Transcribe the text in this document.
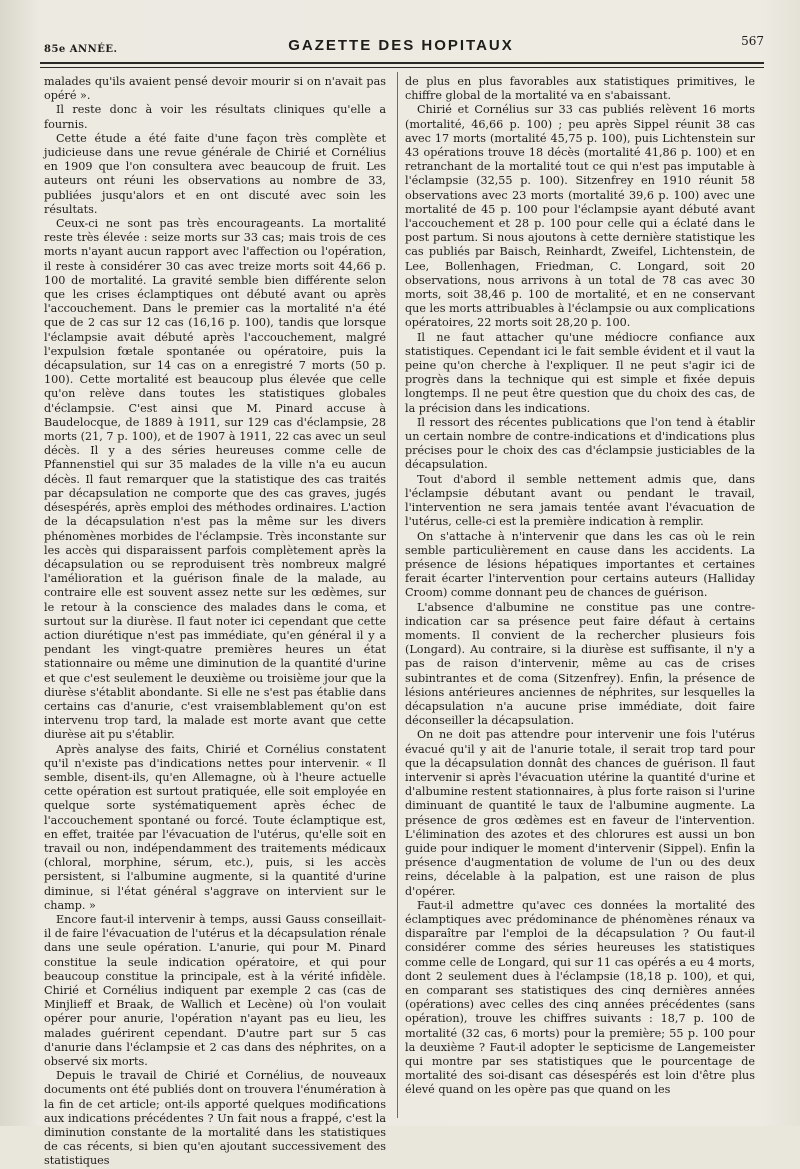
85e ANNÉE.	GAZETTE DES HOPITAUX	567

malades qu'ils avaient pensé devoir mourir si on n'avait pas opéré ».

Il reste donc à voir les résultats cliniques qu'elle a fournis.

Cette étude a été faite d'une façon très complète et judicieuse dans une revue générale de Chirié et Cornélius en 1909 que l'on consultera avec beaucoup de fruit. Les auteurs ont réuni les observations au nombre de 33, publiées jusqu'alors et en ont discuté avec soin les résultats.

Ceux-ci ne sont pas très encourageants. La mortalité reste très élevée : seize morts sur 33 cas; mais trois de ces morts n'ayant aucun rapport avec l'affection ou l'opération, il reste à considérer 30 cas avec treize morts soit 44,66 p. 100 de mortalité. La gravité semble bien différente selon que les crises éclamptiques ont débuté avant ou après l'accouchement. Dans le premier cas la mortalité n'a été que de 2 cas sur 12 cas (16,16 p. 100), tandis que lorsque l'éclampsie avait débuté après l'accouchement, malgré l'expulsion fœtale spontanée ou opératoire, puis la décapsulation, sur 14 cas on a enregistré 7 morts (50 p. 100). Cette mortalité est beaucoup plus élevée que celle qu'on relève dans toutes les statistiques globales d'éclampsie. C'est ainsi que M. Pinard accuse à Baudelocque, de 1889 à 1911, sur 129 cas d'éclampsie, 28 morts (21, 7 p. 100), et de 1907 à 1911, 22 cas avec un seul décès. Il y a des séries heureuses comme celle de Pfannenstiel qui sur 35 malades de la ville n'a eu aucun décès. Il faut remarquer que la statistique des cas traités par décapsulation ne comporte que des cas graves, jugés désespérés, après emploi des méthodes ordinaires. L'action de la décapsulation n'est pas la même sur les divers phénomènes morbides de l'éclampsie. Très inconstante sur les accès qui disparaissent parfois complètement après la décapsulation ou se reproduisent très nombreux malgré l'amélioration et la guérison finale de la malade, au contraire elle est souvent assez nette sur les œdèmes, sur le retour à la conscience des malades dans le coma, et surtout sur la diurèse. Il faut noter ici cependant que cette action diurétique n'est pas immédiate, qu'en général il y a pendant les vingt-quatre premières heures un état stationnaire ou même une diminution de la quantité d'urine et que c'est seulement le deuxième ou troisième jour que la diurèse s'établit abondante. Si elle ne s'est pas établie dans certains cas d'anurie, c'est vraisemblablement qu'on est intervenu trop tard, la malade est morte avant que cette diurèse ait pu s'établir.

Après analyse des faits, Chirié et Cornélius constatent qu'il n'existe pas d'indications nettes pour intervenir. « Il semble, disent-ils, qu'en Allemagne, où à l'heure actuelle cette opération est surtout pratiquée, elle soit employée en quelque sorte systématiquement après échec de l'accouchement spontané ou forcé. Toute éclamptique est, en effet, traitée par l'évacuation de l'utérus, qu'elle soit en travail ou non, indépendamment des traitements médicaux (chloral, morphine, sérum, etc.), puis, si les accès persistent, si l'albumine augmente, si la quantité d'urine diminue, si l'état général s'aggrave on intervient sur le champ. »

Encore faut-il intervenir à temps, aussi Gauss conseillait-il de faire l'évacuation de l'utérus et la décapsulation rénale dans une seule opération. L'anurie, qui pour M. Pinard constitue la seule indication opératoire, et qui pour beaucoup constitue la principale, est à la vérité infidèle. Chirié et Cornélius indiquent par exemple 2 cas (cas de Minjlieff et Braak, de Wallich et Lecène) où l'on voulait opérer pour anurie, l'opération n'ayant pas eu lieu, les malades guérirent cependant. D'autre part sur 5 cas d'anurie dans l'éclampsie et 2 cas dans des néphrites, on a observé six morts.

Depuis le travail de Chirié et Cornélius, de nouveaux documents ont été publiés dont on trouvera l'énumération à la fin de cet article; ont-ils apporté quelques modifications aux indications précédentes ? Un fait nous a frappé, c'est la diminution constante de la mortalité dans les statistiques de cas récents, si bien qu'en ajoutant successivement des statistiques

de plus en plus favorables aux statistiques primitives, le chiffre global de la mortalité va en s'abaissant.

Chirié et Cornélius sur 33 cas publiés relèvent 16 morts (mortalité, 46,66 p. 100) ; peu après Sippel réunit 38 cas avec 17 morts (mortalité 45,75 p. 100), puis Lichtenstein sur 43 opérations trouve 18 décès (mortalité 41,86 p. 100) et en retranchant de la mortalité tout ce qui n'est pas imputable à l'éclampsie (32,55 p. 100). Sitzenfrey en 1910 réunit 58 observations avec 23 morts (mortalité 39,6 p. 100) avec une mortalité de 45 p. 100 pour l'éclampsie ayant débuté avant l'accouchement et 28 p. 100 pour celle qui a éclaté dans le post partum. Si nous ajoutons à cette dernière statistique les cas publiés par Baisch, Reinhardt, Zweifel, Lichtenstein, de Lee, Bollenhagen, Friedman, C. Longard, soit 20 observations, nous arrivons à un total de 78 cas avec 30 morts, soit 38,46 p. 100 de mortalité, et en ne conservant que les morts attribuables à l'éclampsie ou aux complications opératoires, 22 morts soit 28,20 p. 100.

Il ne faut attacher qu'une médiocre confiance aux statistiques. Cependant ici le fait semble évident et il vaut la peine qu'on cherche à l'expliquer. Il ne peut s'agir ici de progrès dans la technique qui est simple et fixée depuis longtemps. Il ne peut être question que du choix des cas, de la précision dans les indications.

Il ressort des récentes publications que l'on tend à établir un certain nombre de contre-indications et d'indications plus précises pour le choix des cas d'éclampsie justiciables de la décapsulation.

Tout d'abord il semble nettement admis que, dans l'éclampsie débutant avant ou pendant le travail, l'intervention ne sera jamais tentée avant l'évacuation de l'utérus, celle-ci est la première indication à remplir.

On s'attache à n'intervenir que dans les cas où le rein semble particulièrement en cause dans les accidents. La présence de lésions hépatiques importantes et certaines ferait écarter l'intervention pour certains auteurs (Halliday Croom) comme donnant peu de chances de guérison.

L'absence d'albumine ne constitue pas une contre-indication car sa présence peut faire défaut à certains moments. Il convient de la rechercher plusieurs fois (Longard). Au contraire, si la diurèse est suffisante, il n'y a pas de raison d'intervenir, même au cas de crises subintrantes et de coma (Sitzenfrey). Enfin, la présence de lésions antérieures anciennes de néphrites, sur lesquelles la décapsulation n'a aucune prise immédiate, doit faire déconseiller la décapsulation.

On ne doit pas attendre pour intervenir une fois l'utérus évacué qu'il y ait de l'anurie totale, il serait trop tard pour que la décapsulation donnât des chances de guérison. Il faut intervenir si après l'évacuation utérine la quantité d'urine et d'albumine restent stationnaires, à plus forte raison si l'urine diminuant de quantité le taux de l'albumine augmente. La présence de gros œdèmes est en faveur de l'intervention. L'élimination des azotes et des chlorures est aussi un bon guide pour indiquer le moment d'intervenir (Sippel). Enfin la présence d'augmentation de volume de l'un ou des deux reins, décelable à la palpation, est une raison de plus d'opérer.

Faut-il admettre qu'avec ces données la mortalité des éclamptiques avec prédominance de phénomènes rénaux va disparaître par l'emploi de la décapsulation ? Ou faut-il considérer comme des séries heureuses les statistiques comme celle de Longard, qui sur 11 cas opérés a eu 4 morts, dont 2 seulement dues à l'éclampsie (18,18 p. 100), et qui, en comparant ses statistiques des cinq dernières années (opérations) avec celles des cinq années précédentes (sans opération), trouve les chiffres suivants : 18,7 p. 100 de mortalité (32 cas, 6 morts) pour la première; 55 p. 100 pour la deuxième ? Faut-il adopter le septicisme de Langemeister qui montre par ses statistiques que le pourcentage de mortalité des soi-disant cas désespérés est loin d'être plus élevé quand on les opère pas que quand on les
